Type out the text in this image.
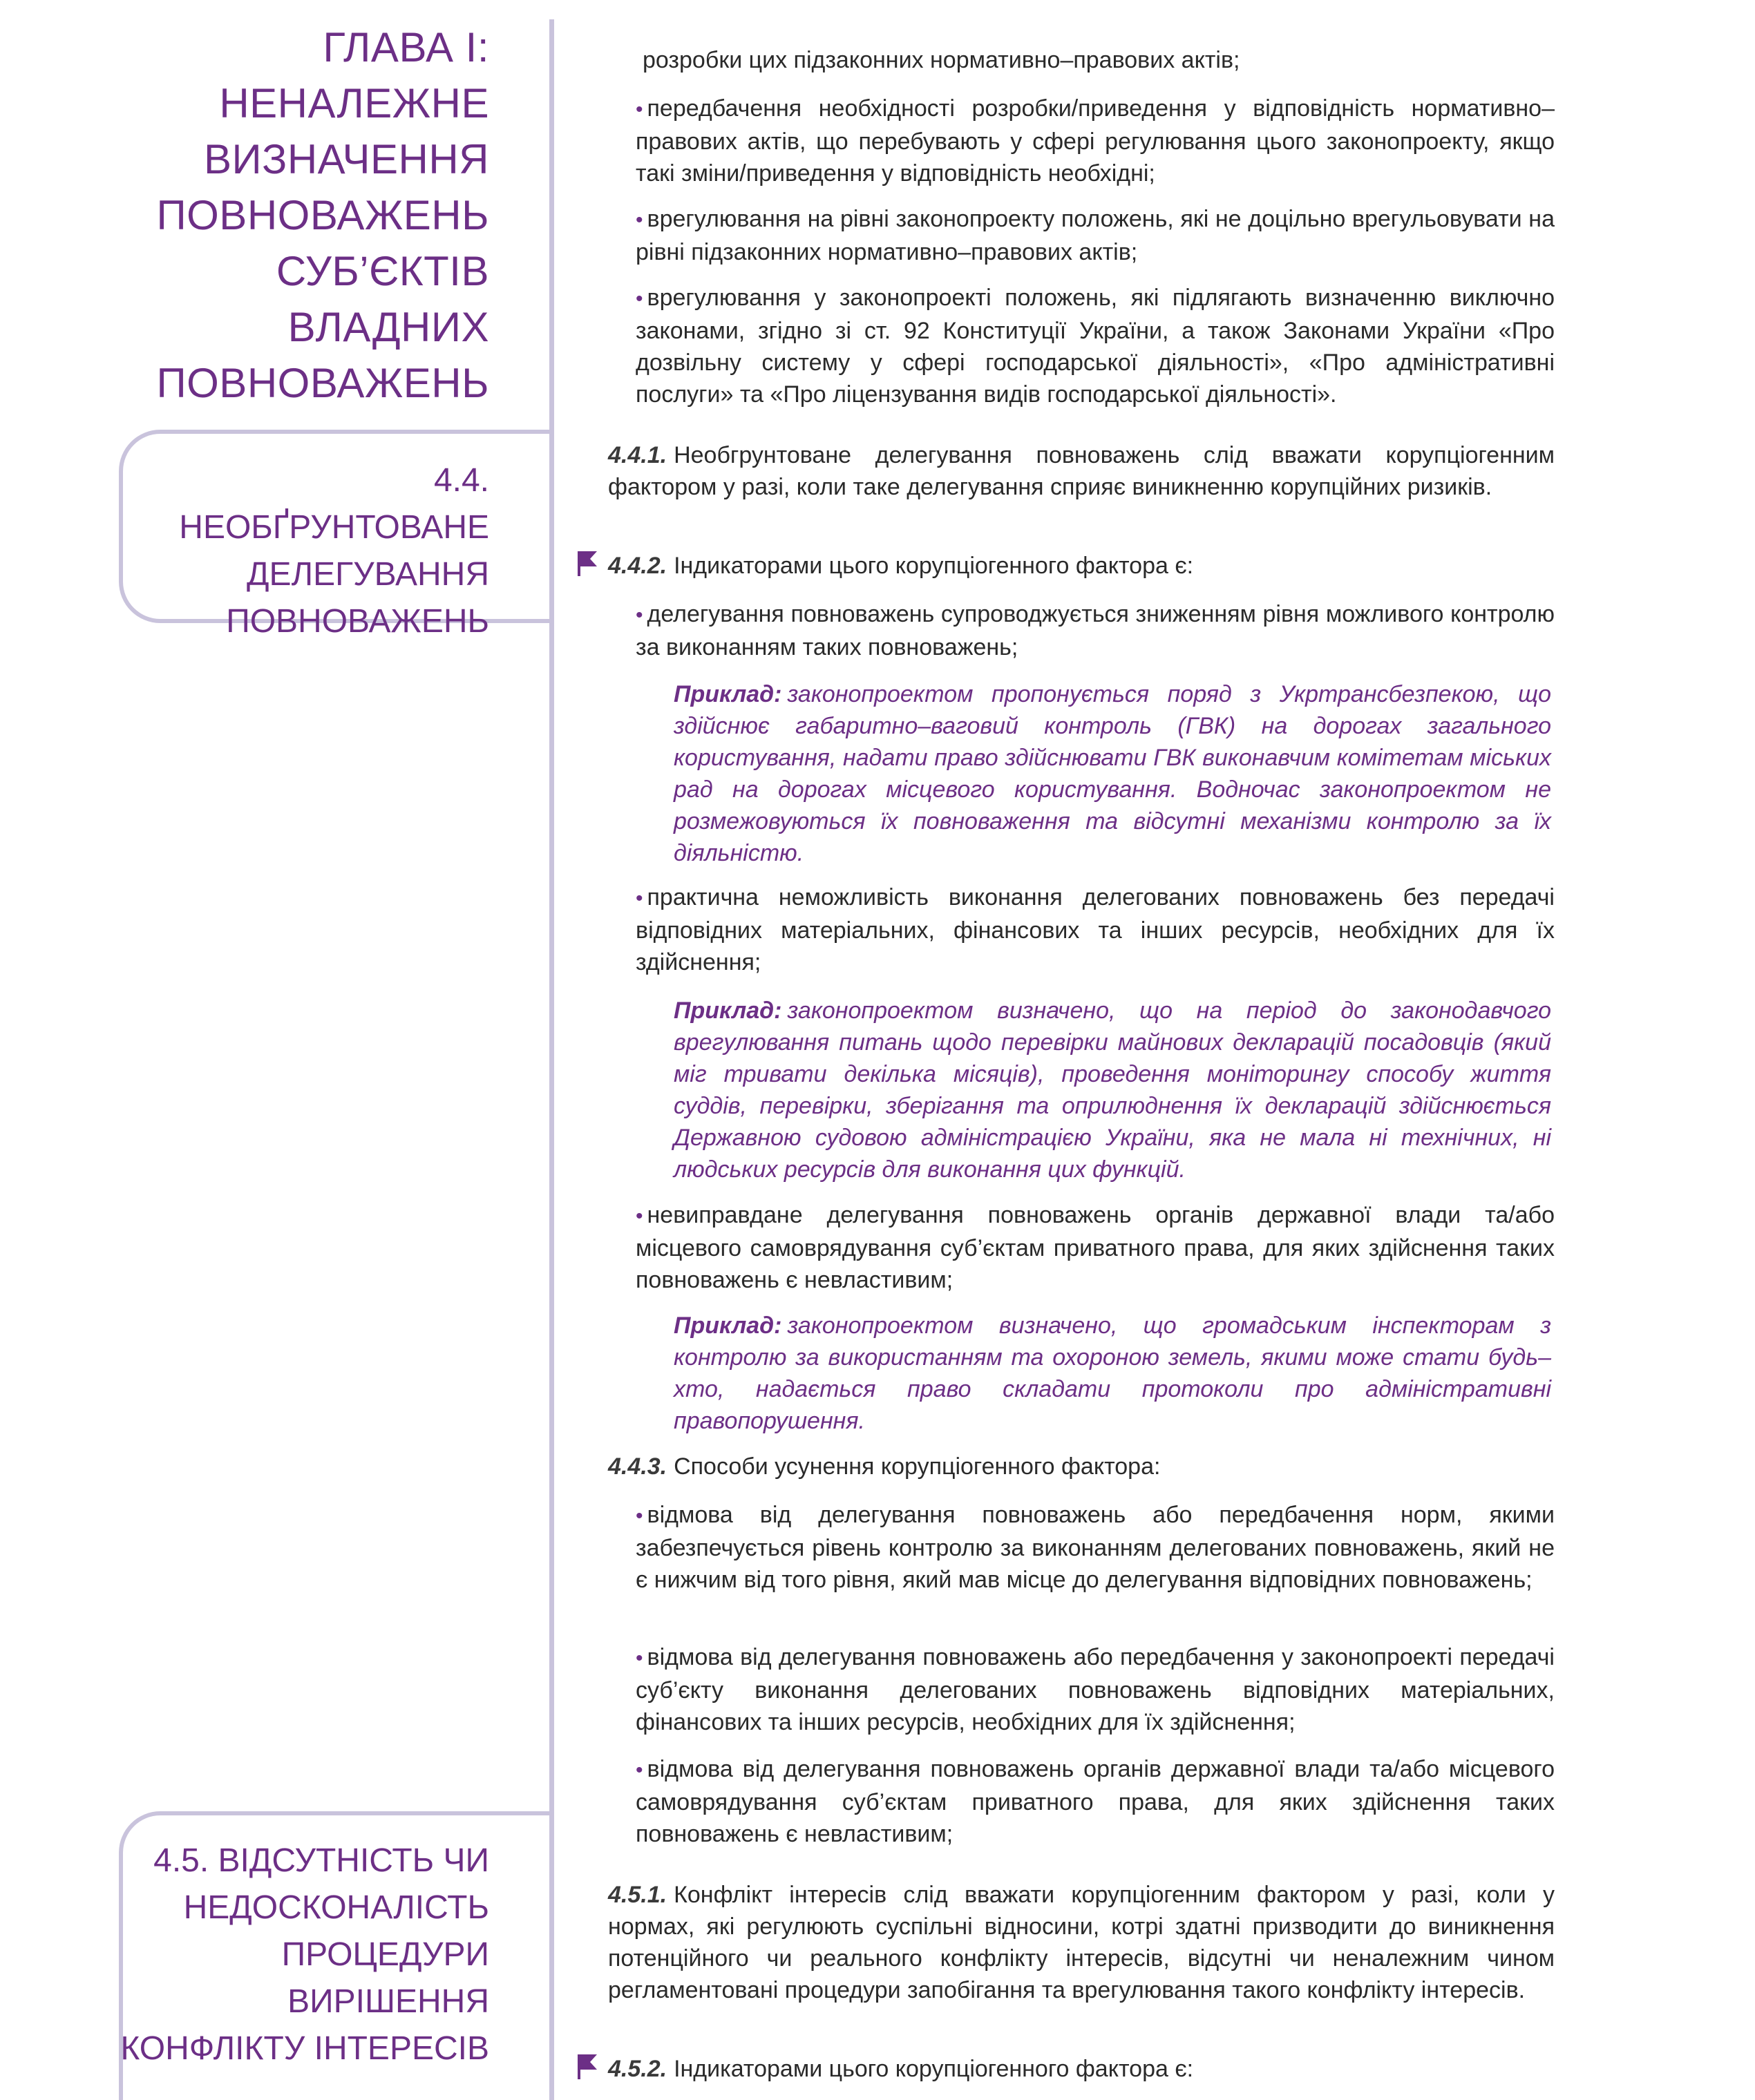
ГЛАВА І:
НЕНАЛЕЖНЕ
ВИЗНАЧЕННЯ
ПОВНОВАЖЕНЬ
СУБ’ЄКТІВ
ВЛАДНИХ
ПОВНОВАЖЕНЬ
4.4. НЕОБҐРУНТОВАНЕ
ДЕЛЕГУВАННЯ
ПОВНОВАЖЕНЬ
4.5. ВІДСУТНІСТЬ ЧИ
НЕДОСКОНАЛІСТЬ
ПРОЦЕДУРИ
ВИРІШЕННЯ
КОНФЛІКТУ ІНТЕРЕСІВ

розробки цих підзаконних нормативно–правових актів;

• передбачення необхідності розробки/приведення у відповідність нормативно–правових актів, що перебувають у сфері регулювання цього законопроекту, якщо такі зміни/приведення у відповідність необхідні;

• врегулювання на рівні законопроекту положень, які не доцільно врегульовувати на рівні підзаконних нормативно–правових актів;

• врегулювання у законопроекті положень, які підлягають визначенню виключно законами, згідно зі ст. 92 Конституції України, а також Законами України «Про дозвільну систему у сфері господарської діяльності», «Про адміністративні послуги» та «Про ліцензування видів господарської діяльності».

4.4.1. Необгрунтоване делегування повноважень слід вважати корупціогенним фактором у разі, коли таке делегування сприяє виникненню корупційних ризиків.

4.4.2. Індикаторами цього корупціогенного фактора є:

• делегування повноважень супроводжується зниженням рівня можливого контролю за виконанням таких повноважень;

Приклад: законопроектом пропонується поряд з Укртрансбезпекою, що здійснює габаритно–ваговий контроль (ГВК) на дорогах загального користування, надати право здійснювати ГВК виконавчим комітетам міських рад на дорогах місцевого користування. Водночас законопроектом не розмежовуються їх повноваження та відсутні механізми контролю за їх діяльністю.

• практична неможливість виконання делегованих повноважень без передачі відповідних матеріальних, фінансових та інших ресурсів, необхідних для їх здійснення;

Приклад: законопроектом визначено, що на період до законодавчого врегулювання питань щодо перевірки майнових декларацій посадовців (який міг тривати декілька місяців), проведення моніторингу способу життя суддів, перевірки, зберігання та оприлюднення їх декларацій здійснюється Державною судовою адміністрацією України, яка не мала ні технічних, ні людських ресурсів для виконання цих функцій.

• невиправдане делегування повноважень органів державної влади та/або місцевого самоврядування суб’єктам приватного права, для яких здійснення таких повноважень є невластивим;

Приклад: законопроектом визначено, що громадським інспекторам з контролю за використанням та охороною земель, якими може стати будь–хто, надається право складати протоколи про адміністративні правопорушення.

4.4.3. Способи усунення корупціогенного фактора:

• відмова від делегування повноважень або передбачення норм, якими забезпечується рівень контролю за виконанням делегованих повноважень, який не є нижчим від того рівня, який мав місце до делегування відповідних повноважень;

• відмова від делегування повноважень або передбачення у законопроекті передачі суб’єкту виконання делегованих повноважень відповідних матеріальних, фінансових та інших ресурсів, необхідних для їх здійснення;

• відмова від делегування повноважень органів державної влади та/або місцевого самоврядування суб’єктам приватного права, для яких здійснення таких повноважень є невластивим;

4.5.1. Конфлікт інтересів слід вважати корупціогенним фактором у разі, коли у нормах, які регулюють суспільні відносини, котрі здатні призводити до виникнення потенційного чи реального конфлікту інтересів, відсутні чи неналежним чином регламентовані процедури запобігання та врегулювання такого конфлікту інтересів.

4.5.2. Індикаторами цього корупціогенного фактора є:
